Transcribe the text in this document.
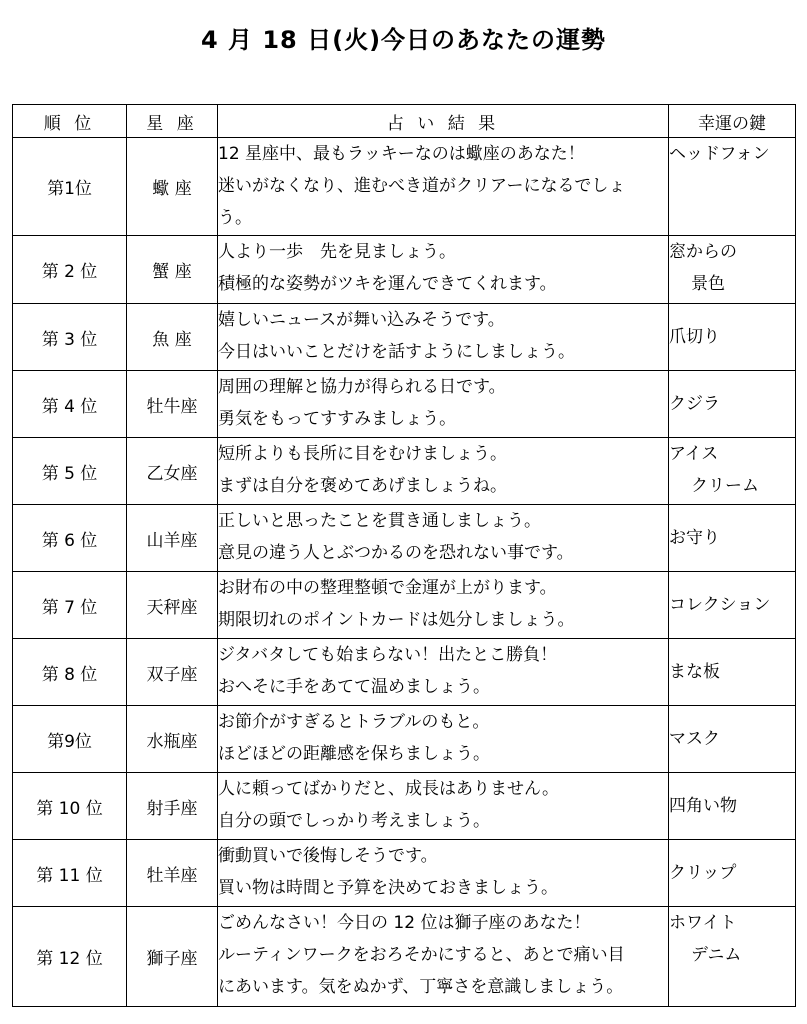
4 月 18 日(火)今日のあなたの運勢
順 位	星 座	占 い 結 果	幸運の鍵
第1位	蠍 座	12 星座中、最もラッキーなのは蠍座のあなた！
迷いがなくなり、進むべき道がクリアーになるでしょ
う。	ヘッドフォン

第 2 位	蟹 座	人より一歩　先を見ましょう。
積極的な姿勢がツキを運んできてくれます。	窓からの
景色

第 3 位	魚 座	嬉しいニュースが舞い込みそうです。
今日はいいことだけを話すようにしましょう。	爪切り

第 4 位	牡牛座	周囲の理解と協力が得られる日です。
勇気をもってすすみましょう。	クジラ

第 5 位	乙女座	短所よりも長所に目をむけましょう。
まずは自分を褒めてあげましょうね。	アイス
クリーム

第 6 位	山羊座	正しいと思ったことを貫き通しましょう。
意見の違う人とぶつかるのを恐れない事です。	お守り

第 7 位	天秤座	お財布の中の整理整頓で金運が上がります。
期限切れのポイントカードは処分しましょう。	コレクション

第 8 位	双子座	ジタバタしても始まらない！出たとこ勝負！
おへそに手をあてて温めましょう。	まな板

第9位	水瓶座	お節介がすぎるとトラブルのもと。
ほどほどの距離感を保ちましょう。	マスク

第 10 位	射手座	人に頼ってばかりだと、成長はありません。
自分の頭でしっかり考えましょう。	四角い物

第 11 位	牡羊座	衝動買いで後悔しそうです。
買い物は時間と予算を決めておきましょう。	クリップ

第 12 位	獅子座	ごめんなさい！今日の 12 位は獅子座のあなた！
ルーティンワークをおろそかにすると、あとで痛い目
にあいます。気をぬかず、丁寧さを意識しましょう。	ホワイト
デニム
